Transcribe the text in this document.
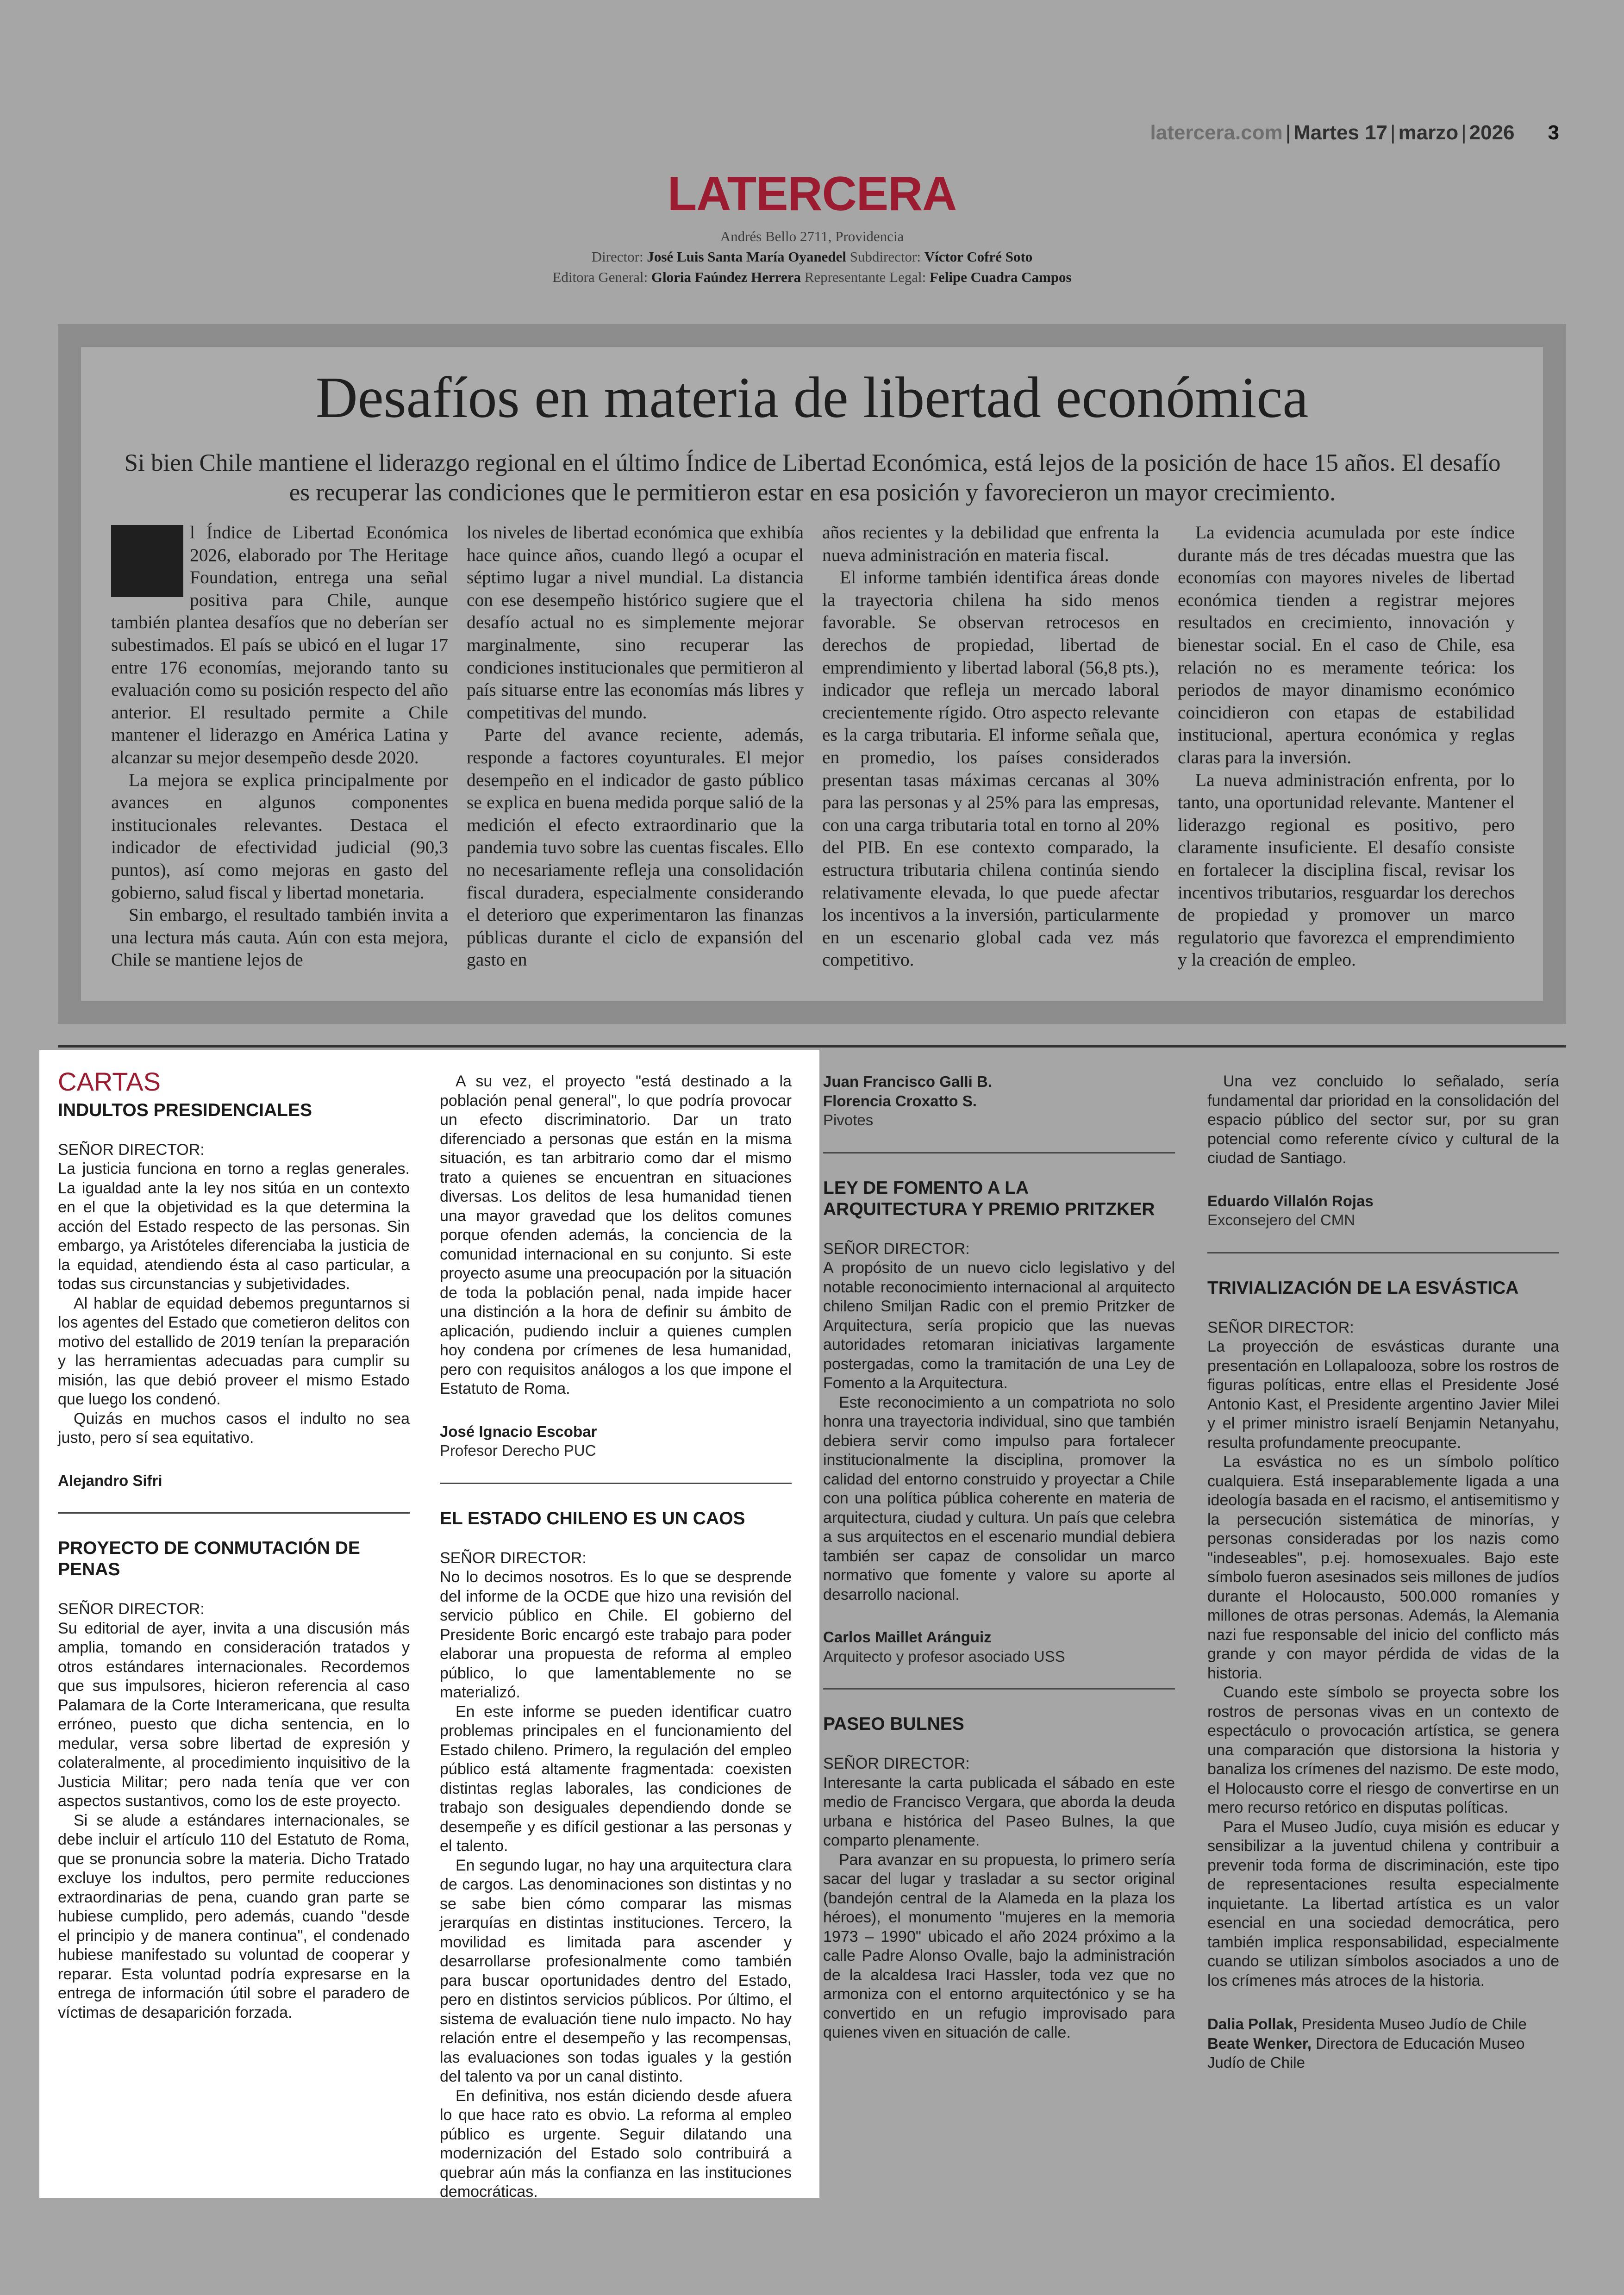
latercera.com | Martes 17 | marzo | 2026 3
LATERCERA
Andrés Bello 2711, Providencia
Director: José Luis Santa María Oyanedel Subdirector: Víctor Cofré Soto
Editora General: Gloria Faúndez Herrera Representante Legal: Felipe Cuadra Campos
Desafíos en materia de libertad económica
Si bien Chile mantiene el liderazgo regional en el último Índice de Libertad Económica, está lejos de la posición de hace 15 años. El desafío es recuperar las condiciones que le permitieron estar en esa posición y favorecieron un mayor crecimiento.

l Índice de Libertad Económica 2026, elaborado por The Heritage Foundation, entrega una señal positiva para Chile, aunque también plantea desafíos que no deberían ser subestimados. El país se ubicó en el lugar 17 entre 176 economías, mejorando tanto su evaluación como su posición respecto del año anterior. El resultado permite a Chile mantener el liderazgo en América Latina y alcanzar su mejor desempeño desde 2020.

La mejora se explica principalmente por avances en algunos componentes institucionales relevantes. Destaca el indicador de efectividad judicial (90,3 puntos), así como mejoras en gasto del gobierno, salud fiscal y libertad monetaria.

Sin embargo, el resultado también invita a una lectura más cauta. Aún con esta mejora, Chile se mantiene lejos de

los niveles de libertad económica que exhibía hace quince años, cuando llegó a ocupar el séptimo lugar a nivel mundial. La distancia con ese desempeño histórico sugiere que el desafío actual no es simplemente mejorar marginalmente, sino recuperar las condiciones institucionales que permitieron al país situarse entre las economías más libres y competitivas del mundo.

Parte del avance reciente, además, responde a factores coyunturales. El mejor desempeño en el indicador de gasto público se explica en buena medida porque salió de la medición el efecto extraordinario que la pandemia tuvo sobre las cuentas fiscales. Ello no necesariamente refleja una consolidación fiscal duradera, especialmente considerando el deterioro que experimentaron las finanzas públicas durante el ciclo de expansión del gasto en

años recientes y la debilidad que enfrenta la nueva administración en materia fiscal.

El informe también identifica áreas donde la trayectoria chilena ha sido menos favorable. Se observan retrocesos en derechos de propiedad, libertad de emprendimiento y libertad laboral (56,8 pts.), indicador que refleja un mercado laboral crecientemente rígido. Otro aspecto relevante es la carga tributaria. El informe señala que, en promedio, los países considerados presentan tasas máximas cercanas al 30% para las personas y al 25% para las empresas, con una carga tributaria total en torno al 20% del PIB. En ese contexto comparado, la estructura tributaria chilena continúa siendo relativamente elevada, lo que puede afectar los incentivos a la inversión, particularmente en un escenario global cada vez más competitivo.

La evidencia acumulada por este índice durante más de tres décadas muestra que las economías con mayores niveles de libertad económica tienden a registrar mejores resultados en crecimiento, innovación y bienestar social. En el caso de Chile, esa relación no es meramente teórica: los periodos de mayor dinamismo económico coincidieron con etapas de estabilidad institucional, apertura económica y reglas claras para la inversión.

La nueva administración enfrenta, por lo tanto, una oportunidad relevante. Mantener el liderazgo regional es positivo, pero claramente insuficiente. El desafío consiste en fortalecer la disciplina fiscal, revisar los incentivos tributarios, resguardar los derechos de propiedad y promover un marco regulatorio que favorezca el emprendimiento y la creación de empleo.

CARTAS
INDULTOS PRESIDENCIALES
SEÑOR DIRECTOR:

La justicia funciona en torno a reglas generales. La igualdad ante la ley nos sitúa en un contexto en el que la objetividad es la que determina la acción del Estado respecto de las personas. Sin embargo, ya Aristóteles diferenciaba la justicia de la equidad, atendiendo ésta al caso particular, a todas sus circunstancias y subjetividades.

Al hablar de equidad debemos preguntarnos si los agentes del Estado que cometieron delitos con motivo del estallido de 2019 tenían la preparación y las herramientas adecuadas para cumplir su misión, las que debió proveer el mismo Estado que luego los condenó.

Quizás en muchos casos el indulto no sea justo, pero sí sea equitativo.

Alejandro Sifri
PROYECTO DE CONMUTACIÓN DE PENAS
SEÑOR DIRECTOR:

Su editorial de ayer, invita a una discusión más amplia, tomando en consideración tratados y otros estándares internacionales. Recordemos que sus impulsores, hicieron referencia al caso Palamara de la Corte Interamericana, que resulta erróneo, puesto que dicha sentencia, en lo medular, versa sobre libertad de expresión y colateralmente, al procedimiento inquisitivo de la Justicia Militar; pero nada tenía que ver con aspectos sustantivos, como los de este proyecto.

Si se alude a estándares internacionales, se debe incluir el artículo 110 del Estatuto de Roma, que se pronuncia sobre la materia. Dicho Tratado excluye los indultos, pero permite reducciones extraordinarias de pena, cuando gran parte se hubiese cumplido, pero además, cuando "desde el principio y de manera continua", el condenado hubiese manifestado su voluntad de cooperar y reparar. Esta voluntad podría expresarse en la entrega de información útil sobre el paradero de víctimas de desaparición forzada.

A su vez, el proyecto "está destinado a la población penal general", lo que podría provocar un efecto discriminatorio. Dar un trato diferenciado a personas que están en la misma situación, es tan arbitrario como dar el mismo trato a quienes se encuentran en situaciones diversas. Los delitos de lesa humanidad tienen una mayor gravedad que los delitos comunes porque ofenden además, la conciencia de la comunidad internacional en su conjunto. Si este proyecto asume una preocupación por la situación de toda la población penal, nada impide hacer una distinción a la hora de definir su ámbito de aplicación, pudiendo incluir a quienes cumplen hoy condena por crímenes de lesa humanidad, pero con requisitos análogos a los que impone el Estatuto de Roma.

José Ignacio Escobar
Profesor Derecho PUC
EL ESTADO CHILENO ES UN CAOS
SEÑOR DIRECTOR:

No lo decimos nosotros. Es lo que se desprende del informe de la OCDE que hizo una revisión del servicio público en Chile. El gobierno del Presidente Boric encargó este trabajo para poder elaborar una propuesta de reforma al empleo público, lo que lamentablemente no se materializó.

En este informe se pueden identificar cuatro problemas principales en el funcionamiento del Estado chileno. Primero, la regulación del empleo público está altamente fragmentada: coexisten distintas reglas laborales, las condiciones de trabajo son desiguales dependiendo donde se desempeñe y es difícil gestionar a las personas y el talento.

En segundo lugar, no hay una arquitectura clara de cargos. Las denominaciones son distintas y no se sabe bien cómo comparar las mismas jerarquías en distintas instituciones. Tercero, la movilidad es limitada para ascender y desarrollarse profesionalmente como también para buscar oportunidades dentro del Estado, pero en distintos servicios públicos. Por último, el sistema de evaluación tiene nulo impacto. No hay relación entre el desempeño y las recompensas, las evaluaciones son todas iguales y la gestión del talento va por un canal distinto.

En definitiva, nos están diciendo desde afuera lo que hace rato es obvio. La reforma al empleo público es urgente. Seguir dilatando una modernización del Estado solo contribuirá a quebrar aún más la confianza en las instituciones democráticas.

Juan Francisco Galli B.
Florencia Croxatto S.
Pivotes
LEY DE FOMENTO A LA ARQUITECTURA Y PREMIO PRITZKER
SEÑOR DIRECTOR:

A propósito de un nuevo ciclo legislativo y del notable reconocimiento internacional al arquitecto chileno Smiljan Radic con el premio Pritzker de Arquitectura, sería propicio que las nuevas autoridades retomaran iniciativas largamente postergadas, como la tramitación de una Ley de Fomento a la Arquitectura.

Este reconocimiento a un compatriota no solo honra una trayectoria individual, sino que también debiera servir como impulso para fortalecer institucionalmente la disciplina, promover la calidad del entorno construido y proyectar a Chile con una política pública coherente en materia de arquitectura, ciudad y cultura. Un país que celebra a sus arquitectos en el escenario mundial debiera también ser capaz de consolidar un marco normativo que fomente y valore su aporte al desarrollo nacional.

Carlos Maillet Aránguiz
Arquitecto y profesor asociado USS
PASEO BULNES
SEÑOR DIRECTOR:

Interesante la carta publicada el sábado en este medio de Francisco Vergara, que aborda la deuda urbana e histórica del Paseo Bulnes, la que comparto plenamente.

Para avanzar en su propuesta, lo primero sería sacar del lugar y trasladar a su sector original (bandejón central de la Alameda en la plaza los héroes), el monumento "mujeres en la memoria 1973 – 1990" ubicado el año 2024 próximo a la calle Padre Alonso Ovalle, bajo la administración de la alcaldesa Iraci Hassler, toda vez que no armoniza con el entorno arquitectónico y se ha convertido en un refugio improvisado para quienes viven en situación de calle.

Una vez concluido lo señalado, sería fundamental dar prioridad en la consolidación del espacio público del sector sur, por su gran potencial como referente cívico y cultural de la ciudad de Santiago.

Eduardo Villalón Rojas
Exconsejero del CMN
TRIVIALIZACIÓN DE LA ESVÁSTICA
SEÑOR DIRECTOR:

La proyección de esvásticas durante una presentación en Lollapalooza, sobre los rostros de figuras políticas, entre ellas el Presidente José Antonio Kast, el Presidente argentino Javier Milei y el primer ministro israelí Benjamin Netanyahu, resulta profundamente preocupante.

La esvástica no es un símbolo político cualquiera. Está inseparablemente ligada a una ideología basada en el racismo, el antisemitismo y la persecución sistemática de minorías, y personas consideradas por los nazis como "indeseables", p.ej. homosexuales. Bajo este símbolo fueron asesinados seis millones de judíos durante el Holocausto, 500.000 romaníes y millones de otras personas. Además, la Alemania nazi fue responsable del inicio del conflicto más grande y con mayor pérdida de vidas de la historia.

Cuando este símbolo se proyecta sobre los rostros de personas vivas en un contexto de espectáculo o provocación artística, se genera una comparación que distorsiona la historia y banaliza los crímenes del nazismo. De este modo, el Holocausto corre el riesgo de convertirse en un mero recurso retórico en disputas políticas.

Para el Museo Judío, cuya misión es educar y sensibilizar a la juventud chilena y contribuir a prevenir toda forma de discriminación, este tipo de representaciones resulta especialmente inquietante. La libertad artística es un valor esencial en una sociedad democrática, pero también implica responsabilidad, especialmente cuando se utilizan símbolos asociados a uno de los crímenes más atroces de la historia.

Dalia Pollak, Presidenta Museo Judío de Chile
Beate Wenker, Directora de Educación Museo Judío de Chile
